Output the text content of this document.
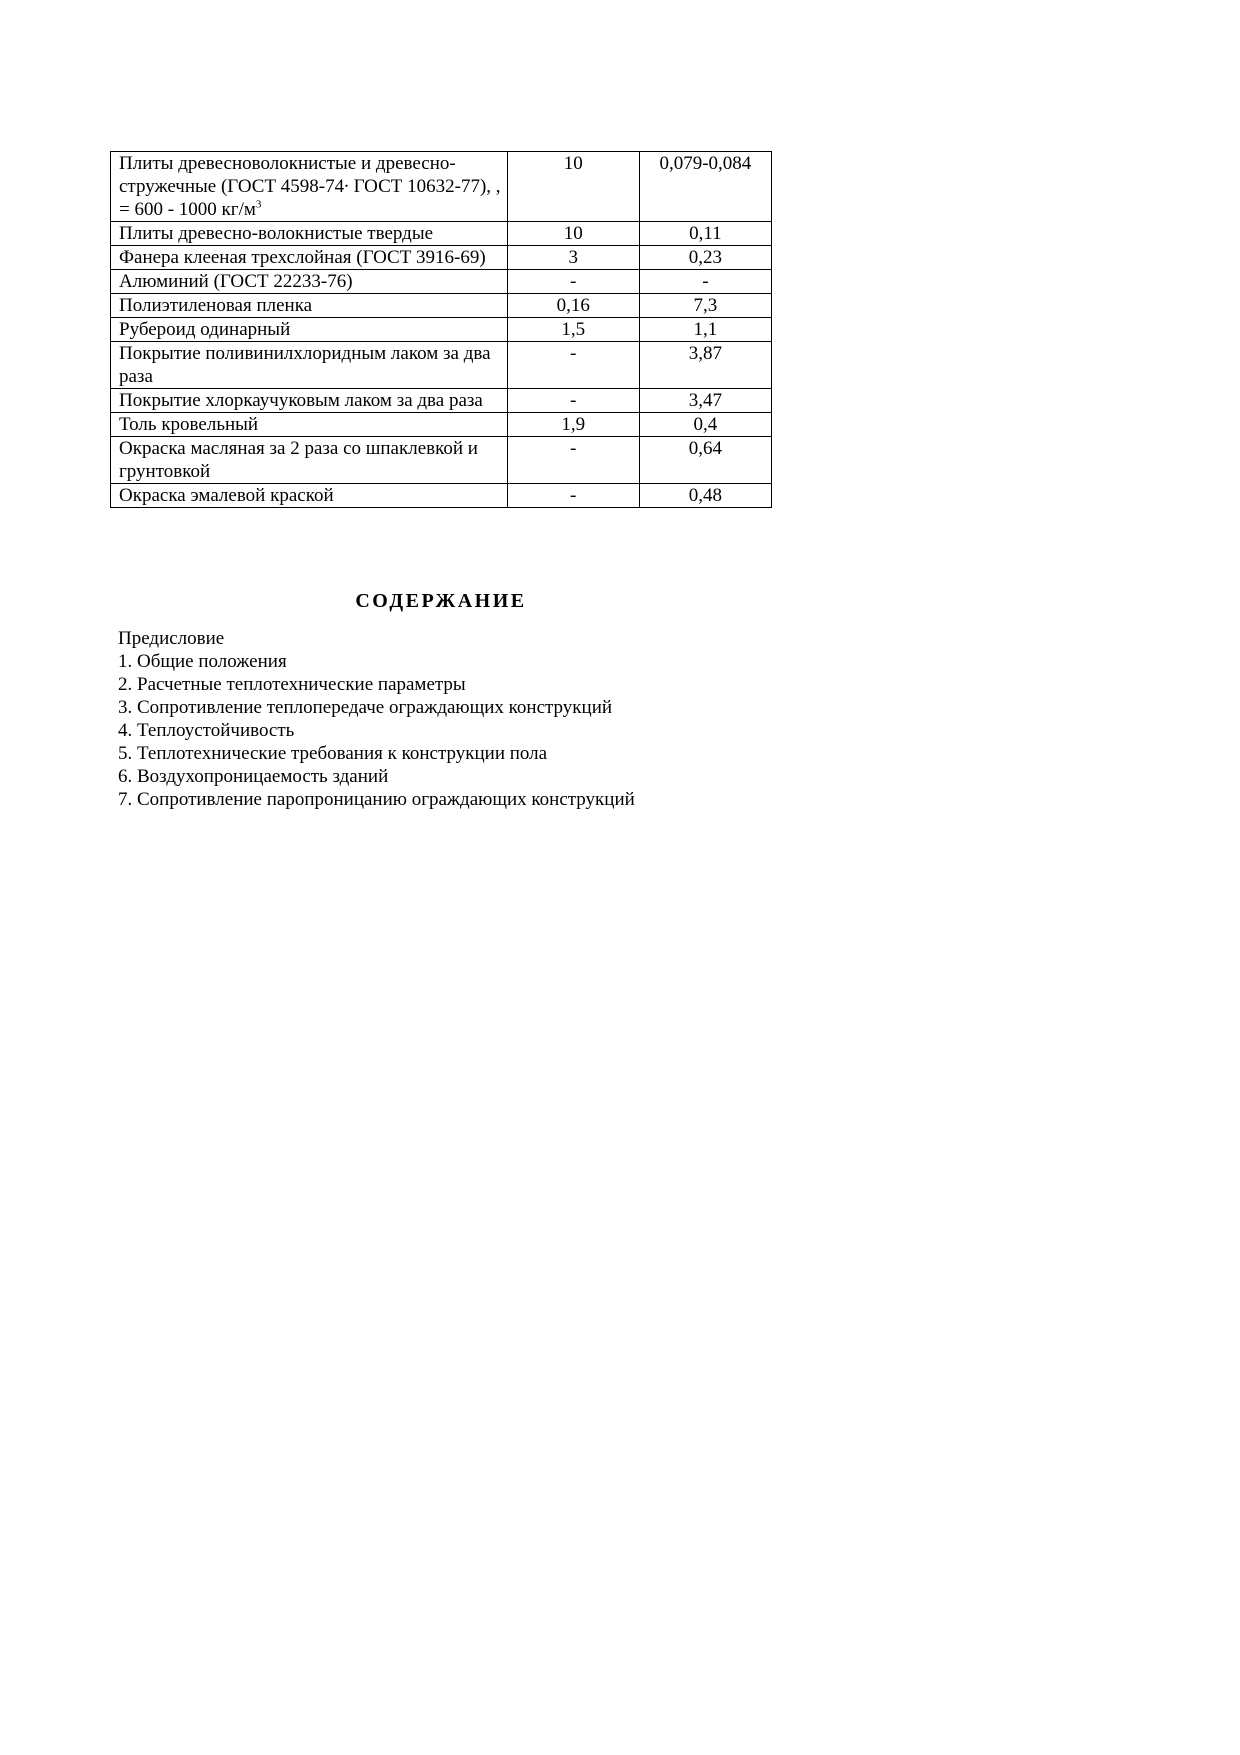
Плиты древесноволокнистые и древесно-стружечные (ГОСТ 4598-74∙ ГОСТ 10632-77), , = 600 - 1000 $кг/м^3$	10	0,079-0,084
Плиты древесно-волокнистые твердые	10	0,11
Фанера клееная трехслойная (ГОСТ 3916-69)	3	0,23
Алюминий (ГОСТ 22233-76)	-	-
Полиэтиленовая пленка	0,16	7,3
Рубероид одинарный	1,5	1,1
Покрытие поливинилхлоридным лаком за два раза	-	3,87
Покрытие хлоркаучуковым лаком за два раза	-	3,47
Толь кровельный	1,9	0,4
Окраска масляная за 2 раза со шпаклевкой и грунтовкой	-	0,64
Окраска эмалевой краской	-	0,48
СОДЕРЖАНИЕ
Предисловие
1. Общие положения
2. Расчетные теплотехнические параметры
3. Сопротивление теплопередаче ограждающих конструкций
4. Теплоустойчивость
5. Теплотехнические требования к конструкции пола
6. Воздухопроницаемость зданий
7. Сопротивление паропроницанию ограждающих конструкций
